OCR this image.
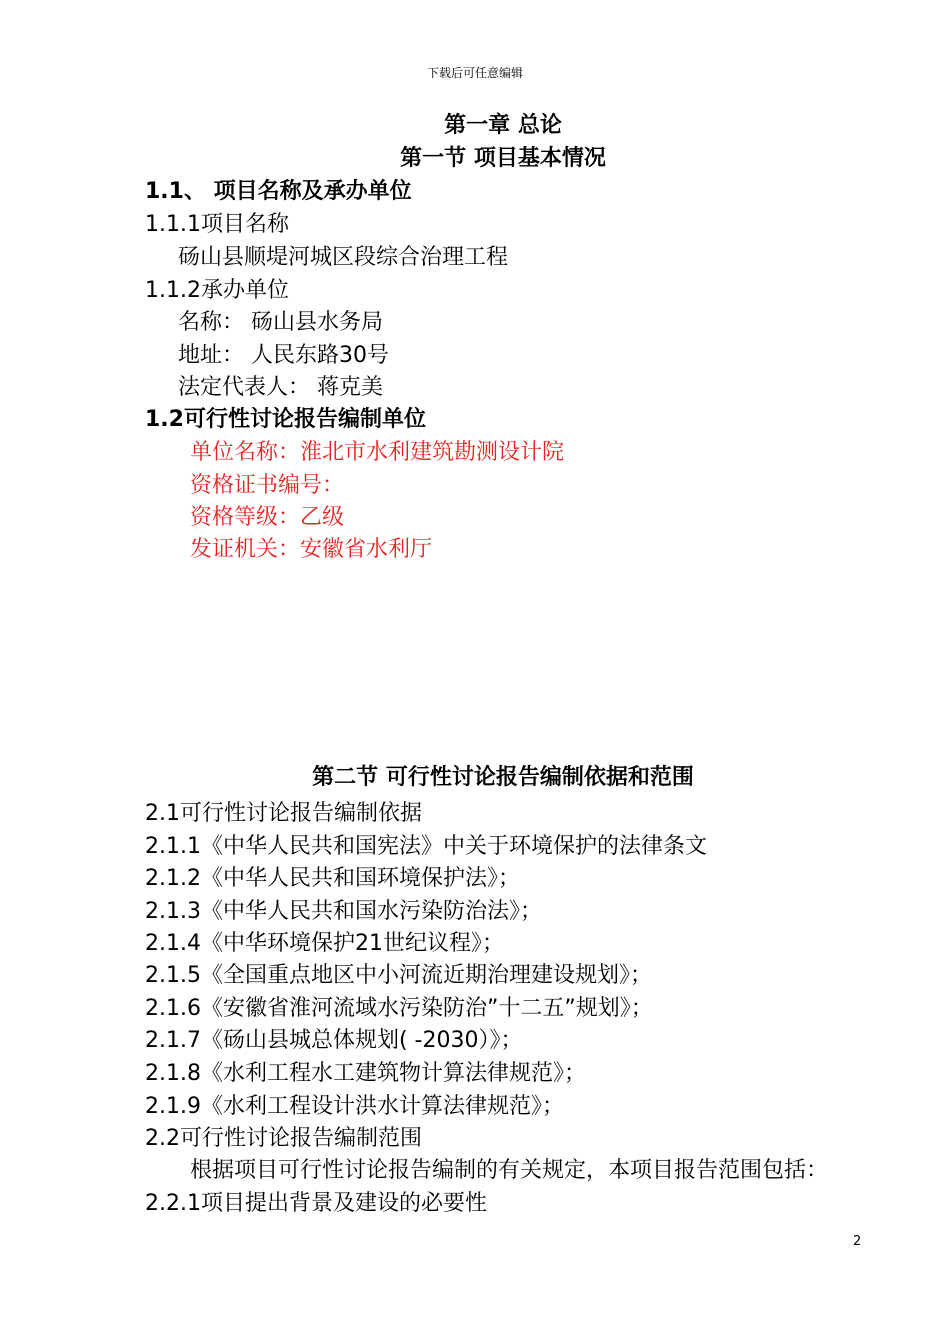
下载后可任意编辑
第一章 总论
第一节 项目基本情况
1.1、 项目名称及承办单位
1.1.1项目名称
砀山县顺堤河城区段综合治理工程
1.1.2承办单位
名称： 砀山县水务局
地址： 人民东路30号
法定代表人： 蒋克美
1.2可行性讨论报告编制单位
单位名称：淮北市水利建筑勘测设计院
资格证书编号：
资格等级：乙级
发证机关：安徽省水利厅
第二节 可行性讨论报告编制依据和范围
2.1可行性讨论报告编制依据
2.1.1《中华人民共和国宪法》中关于环境保护的法律条文
2.1.2《中华人民共和国环境保护法》；
2.1.3《中华人民共和国水污染防治法》；
2.1.4《中华环境保护21世纪议程》；
2.1.5《全国重点地区中小河流近期治理建设规划》；
2.1.6《安徽省淮河流域水污染防治”十二五”规划》；
2.1.7《砀山县城总体规划( -2030）》；
2.1.8《水利工程水工建筑物计算法律规范》；
2.1.9《水利工程设计洪水计算法律规范》；
2.2可行性讨论报告编制范围
根据项目可行性讨论报告编制的有关规定，本项目报告范围包括：
2.2.1项目提出背景及建设的必要性
2
